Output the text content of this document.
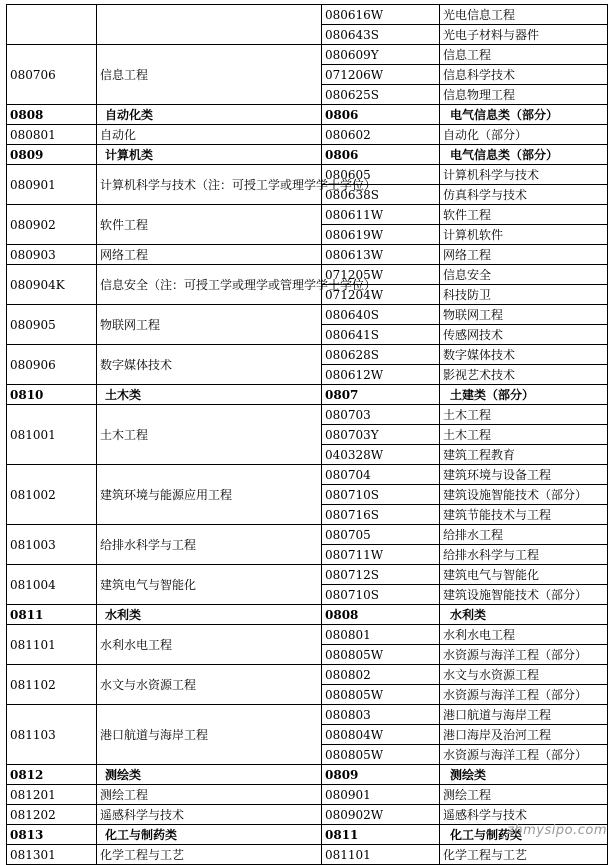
		080616W	光电信息工程
		080643S	光电子材料与器件
080706	信息工程	080609Y	信息工程
		071206W	信息科学技术
		080625S	信息物理工程
0808	自动化类	0806	电气信息类（部分）
080801	自动化	080602	自动化（部分）
0809	计算机类	0806	电气信息类（部分）
080901	计算机科学与技术（注：可授工学或理学学士学位）	080605	计算机科学与技术
		080638S	仿真科学与技术
080902	软件工程	080611W	软件工程
		080619W	计算机软件
080903	网络工程	080613W	网络工程
080904K	信息安全（注：可授工学或理学或管理学学士学位）	071205W	信息安全
		071204W	科技防卫
080905	物联网工程	080640S	物联网工程
		080641S	传感网技术
080906	数字媒体技术	080628S	数字媒体技术
		080612W	影视艺术技术
0810	土木类	0807	土建类（部分）
081001	土木工程	080703	土木工程
		080703Y	土木工程
		040328W	建筑工程教育
081002	建筑环境与能源应用工程	080704	建筑环境与设备工程
		080710S	建筑设施智能技术（部分）
		080716S	建筑节能技术与工程
081003	给排水科学与工程	080705	给排水工程
		080711W	给排水科学与工程
081004	建筑电气与智能化	080712S	建筑电气与智能化
		080710S	建筑设施智能技术（部分）
0811	水利类	0808	水利类
081101	水利水电工程	080801	水利水电工程
		080805W	水资源与海洋工程（部分）
081102	水文与水资源工程	080802	水文与水资源工程
		080805W	水资源与海洋工程（部分）
081103	港口航道与海岸工程	080803	港口航道与海岸工程
		080804W	港口海岸及治河工程
		080805W	水资源与海洋工程（部分）
0812	测绘类	0809	测绘类
081201	测绘工程	080901	测绘工程
081202	遥感科学与技术	080902W	遥感科学与技术
0813	化工与制药类	0811	化工与制药类
081301	化学工程与工艺	081101	化学工程与工艺
zhmysipo.com
